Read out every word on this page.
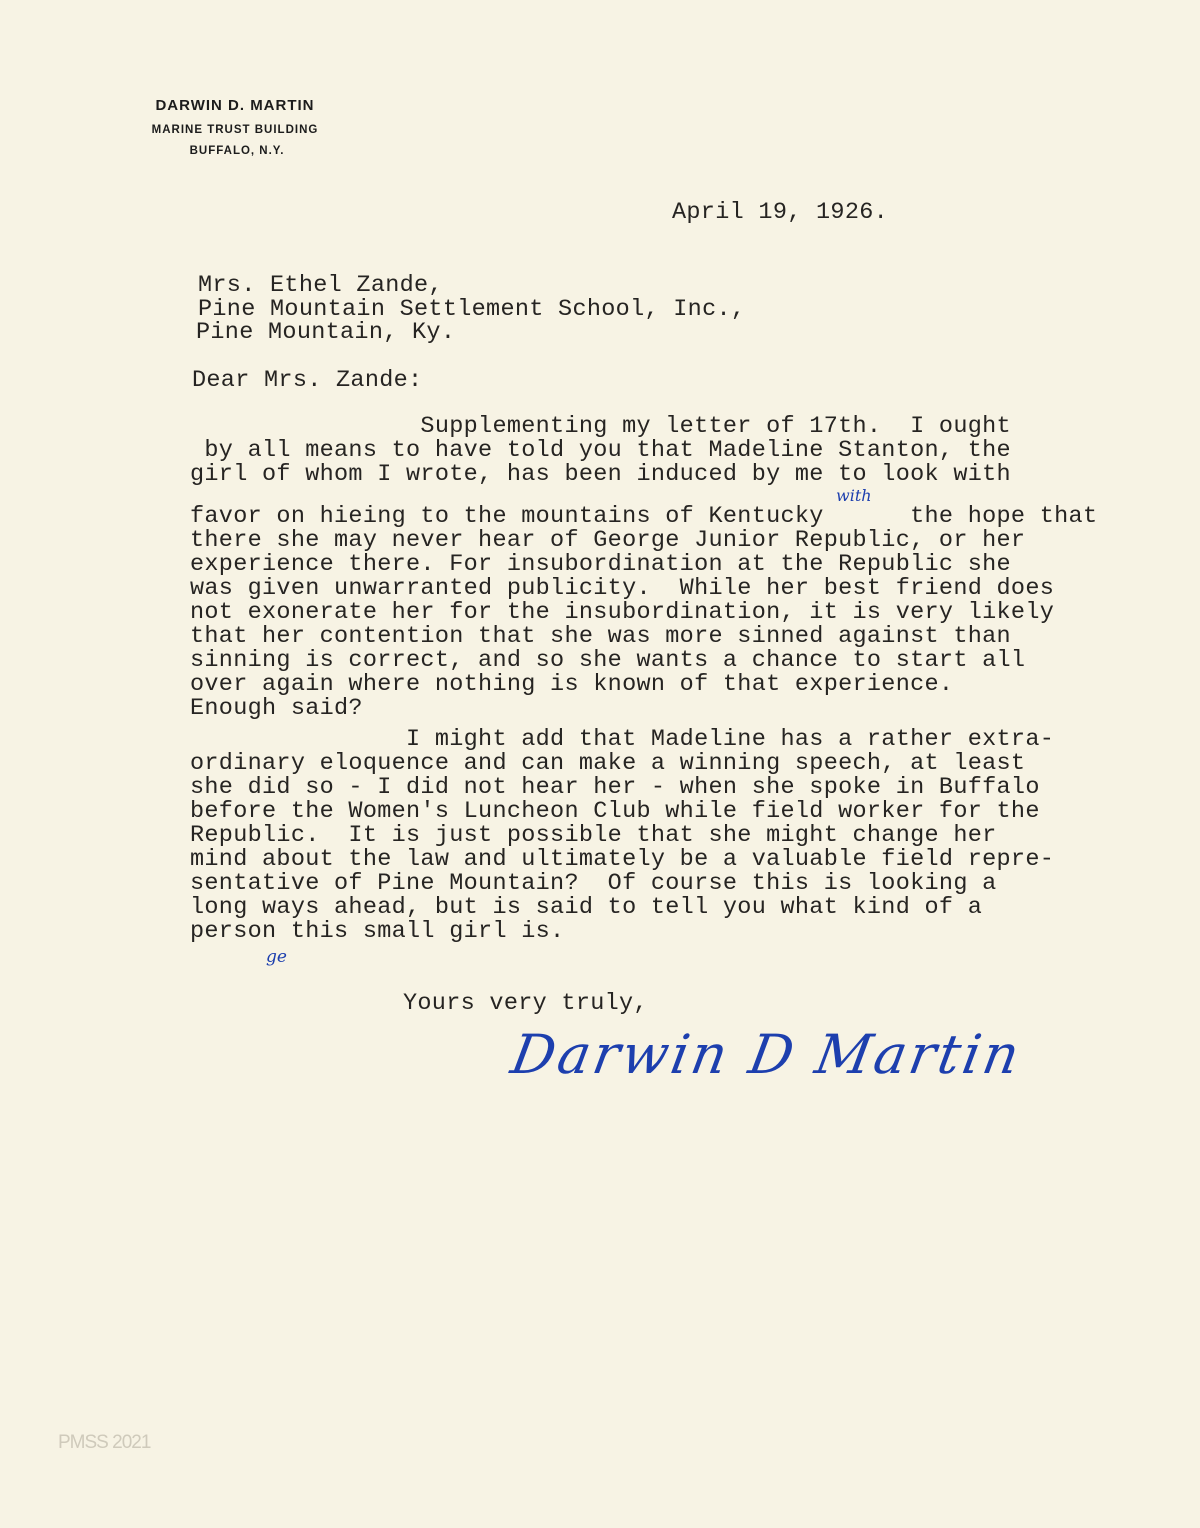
DARWIN D. MARTIN
MARINE TRUST BUILDING
BUFFALO, N.Y.
April 19, 1926.
Mrs. Ethel Zande,
Pine Mountain Settlement School, Inc.,
Pine Mountain, Ky.
Dear Mrs. Zande:
Supplementing my letter of 17th.  I ought
by all means to have told you that Madeline Stanton, the
girl of whom I wrote, has been induced by me to look with
favor on hieing to the mountains of Kentucky      the hope that
there she may never hear of George Junior Republic, or her
experience there. For insubordination at the Republic she
was given unwarranted publicity.  While her best friend does
not exonerate her for the insubordination, it is very likely
that her contention that she was more sinned against than
sinning is correct, and so she wants a chance to start all
over again where nothing is known of that experience.
Enough said?
with
I might add that Madeline has a rather extra-
ordinary eloquence and can make a winning speech, at least
she did so - I did not hear her - when she spoke in Buffalo
before the Women's Luncheon Club while field worker for the
Republic.  It is just possible that she might change her
mind about the law and ultimately be a valuable field repre-
sentative of Pine Mountain?  Of course this is looking a
long ways ahead, but is said to tell you what kind of a
person this small girl is.
ge
Yours very truly,
Darwin D Martin
PMSS 2021
